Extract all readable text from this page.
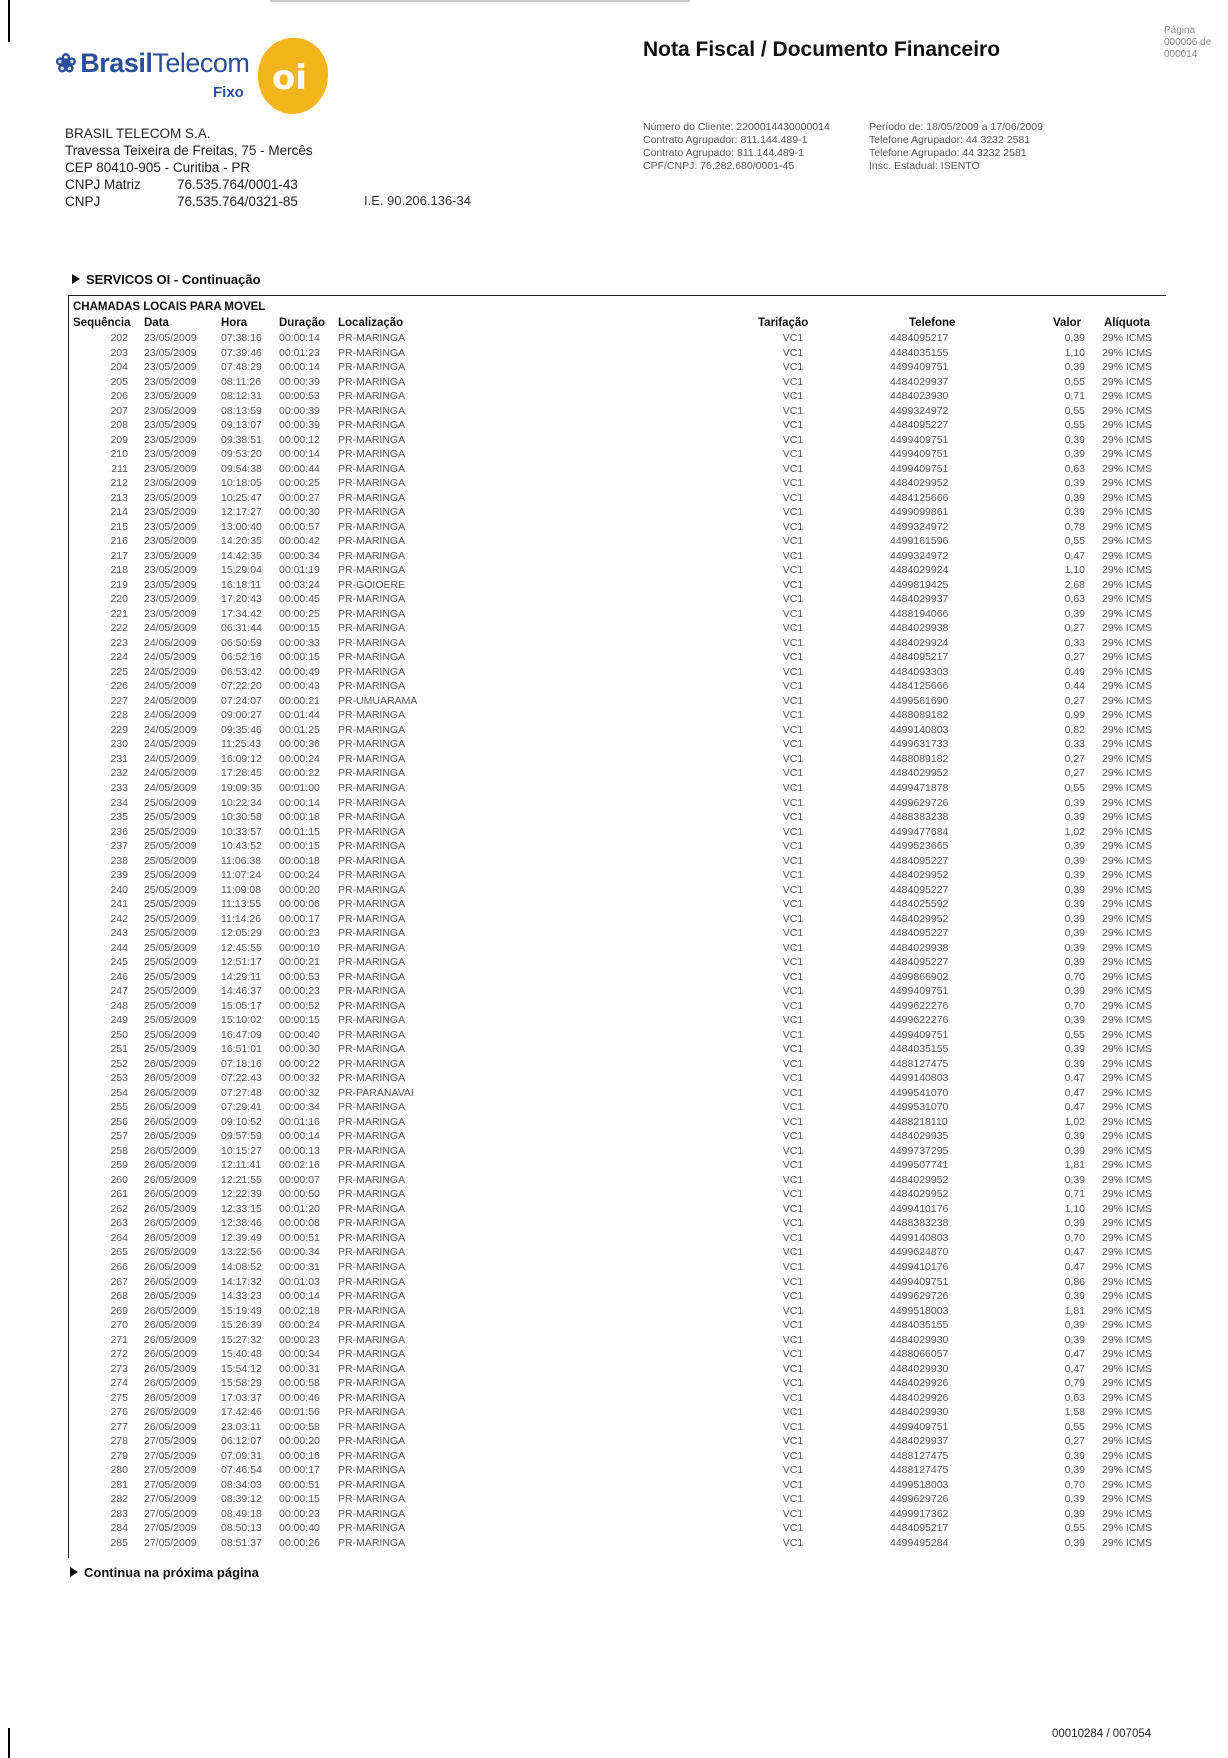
❀ BrasilTelecom
Fixo oi
BRASIL TELECOM S.A.
Travessa Teixeira de Freitas, 75 - Mercês
CEP 80410-905 - Curitiba - PR
CNPJ Matriz	76.535.764/0001-43
CNPJ	76.535.764/0321-85	I.E. 90.206.136-34
Nota Fiscal / Documento Financeiro
Página
000006 de
000014
Número do Cliente: 2200014430000014
Contrato Agrupador: 811.144.489-1
Contrato Agrupado: 811.144.489-1
CPF/CNPJ: 76.282.680/0001-45
Período de: 18/05/2009 a 17/06/2009
Telefone Agrupador: 44 3232 2581
Telefone Agrupado: 44 3232 2581
Insc. Estadual: ISENTO
SERVICOS OI - Continuação
CHAMADAS LOCAIS PARA MOVEL
Sequência Data	Hora	Duração Localização	Tarifação	Telefone	Valor Alíquota
202 23/05/2009 07:38:16 00:00:14 PR-MARINGA	VC1	4484095217	0,39 29% ICMS
203 23/05/2009 07:39:46 00:01:23 PR-MARINGA	VC1	4484035155	1,10 29% ICMS
204 23/05/2009 07:48:29 00:00:14 PR-MARINGA	VC1	4499409751	0,39 29% ICMS
205 23/05/2009 08:11:26 00:00:39 PR-MARINGA	VC1	4484029937	0,55 29% ICMS
206 23/05/2009 08:12:31 00:00:53 PR-MARINGA	VC1	4484023930	0,71 29% ICMS
207 23/05/2009 08:13:59 00:00:39 PR-MARINGA	VC1	4499324972	0,55 29% ICMS
208 23/05/2009 09:13:07 00:00:39 PR-MARINGA	VC1	4484095227	0,55 29% ICMS
209 23/05/2009 09:38:51 00:00:12 PR-MARINGA	VC1	4499409751	0,39 29% ICMS
210 23/05/2009 09:53:20 00:00:14 PR-MARINGA	VC1	4499409751	0,39 29% ICMS
211 23/05/2009 09:54:38 00:00:44 PR-MARINGA	VC1	4499409751	0,63 29% ICMS
212 23/05/2009 10:18:05 00:00:25 PR-MARINGA	VC1	4484029952	0,39 29% ICMS
213 23/05/2009 10:25:47 00:00:27 PR-MARINGA	VC1	4484125666	0,39 29% ICMS
214 23/05/2009 12:17:27 00:00:30 PR-MARINGA	VC1	4499099861	0,39 29% ICMS
215 23/05/2009 13:00:40 00:00:57 PR-MARINGA	VC1	4499324972	0,78 29% ICMS
216 23/05/2009 14:20:35 00:00:42 PR-MARINGA	VC1	4499161596	0,55 29% ICMS
217 23/05/2009 14:42:35 00:00:34 PR-MARINGA	VC1	4499324972	0,47 29% ICMS
218 23/05/2009 15:29:04 00:01:19 PR-MARINGA	VC1	4484029924	1,10 29% ICMS
219 23/05/2009 16:18:11 00:03:24 PR-GOIOERE	VC1	4499819425	2,68 29% ICMS
220 23/05/2009 17:20:43 00:00:45 PR-MARINGA	VC1	4484029937	0,63 29% ICMS
221 23/05/2009 17:34:42 00:00:25 PR-MARINGA	VC1	4488194066	0,39 29% ICMS
222 24/05/2009 06:31:44 00:00:15 PR-MARINGA	VC1	4484029938	0,27 29% ICMS
223 24/05/2009 06:50:59 00:00:33 PR-MARINGA	VC1	4484029924	0,33 29% ICMS
224 24/05/2009 06:52:16 00:00:15 PR-MARINGA	VC1	4484095217	0,27 29% ICMS
225 24/05/2009 06:53:42 00:00:49 PR-MARINGA	VC1	4484093303	0,49 29% ICMS
226 24/05/2009 07:22:20 00:00:43 PR-MARINGA	VC1	4484125666	0,44 29% ICMS
227 24/05/2009 07:24:07 00:00:21 PR-UMUARAMA	VC1	4499561690	0,27 29% ICMS
228 24/05/2009 09:00:27 00:01:44 PR-MARINGA	VC1	4488089182	0,99 29% ICMS
229 24/05/2009 09:35:46 00:01:25 PR-MARINGA	VC1	4499140803	0,82 29% ICMS
230 24/05/2009 11:25:43 00:00:36 PR-MARINGA	VC1	4499631733	0,33 29% ICMS
231 24/05/2009 16:09:12 00:00:24 PR-MARINGA	VC1	4488089182	0,27 29% ICMS
232 24/05/2009 17:28:45 00:00:22 PR-MARINGA	VC1	4484029952	0,27 29% ICMS
233 24/05/2009 19:09:35 00:01:00 PR-MARINGA	VC1	4499471878	0,55 29% ICMS
234 25/05/2009 10:22:34 00:00:14 PR-MARINGA	VC1	4499629726	0,39 29% ICMS
235 25/05/2009 10:30:58 00:00:18 PR-MARINGA	VC1	4488383238	0,39 29% ICMS
236 25/05/2009 10:33:57 00:01:15 PR-MARINGA	VC1	4499477684	1,02 29% ICMS
237 25/05/2009 10:43:52 00:00:15 PR-MARINGA	VC1	4499523665	0,39 29% ICMS
238 25/05/2009 11:06:38 00:00:18 PR-MARINGA	VC1	4484095227	0,39 29% ICMS
239 25/05/2009 11:07:24 00:00:24 PR-MARINGA	VC1	4484029952	0,39 29% ICMS
240 25/05/2009 11:09:08 00:00:20 PR-MARINGA	VC1	4484095227	0,39 29% ICMS
241 25/05/2009 11:13:55 00:00:06 PR-MARINGA	VC1	4484025592	0,39 29% ICMS
242 25/05/2009 11:14:26 00:00:17 PR-MARINGA	VC1	4484029952	0,39 29% ICMS
243 25/05/2009 12:05:29 00:00:23 PR-MARINGA	VC1	4484095227	0,39 29% ICMS
244 25/05/2009 12:45:55 00:00:10 PR-MARINGA	VC1	4484029938	0,39 29% ICMS
245 25/05/2009 12:51:17 00:00:21 PR-MARINGA	VC1	4484095227	0,39 29% ICMS
246 25/05/2009 14:29:11 00:00:53 PR-MARINGA	VC1	4499866902	0,70 29% ICMS
247 25/05/2009 14:46:37 00:00:23 PR-MARINGA	VC1	4499409751	0,39 29% ICMS
248 25/05/2009 15:05:17 00:00:52 PR-MARINGA	VC1	4499622276	0,70 29% ICMS
249 25/05/2009 15:10:02 00:00:15 PR-MARINGA	VC1	4499622276	0,39 29% ICMS
250 25/05/2009 16:47:09 00:00:40 PR-MARINGA	VC1	4499409751	0,55 29% ICMS
251 25/05/2009 16:51:01 00:00:30 PR-MARINGA	VC1	4484035155	0,39 29% ICMS
252 26/05/2009 07:18:16 00:00:22 PR-MARINGA	VC1	4488127475	0,39 29% ICMS
253 26/05/2009 07:22:43 00:00:32 PR-MARINGA	VC1	4499140803	0,47 29% ICMS
254 26/05/2009 07:27:48 00:00:32 PR-PARANAVAI	VC1	4499541070	0,47 29% ICMS
255 26/05/2009 07:29:41 00:00:34 PR-MARINGA	VC1	4499531070	0,47 29% ICMS
256 26/05/2009 09:10:52 00:01:16 PR-MARINGA	VC1	4488218110	1,02 29% ICMS
257 26/05/2009 09:57:59 00:00:14 PR-MARINGA	VC1	4484029935	0,39 29% ICMS
258 26/05/2009 10:15:27 00:00:13 PR-MARINGA	VC1	4499737295	0,39 29% ICMS
259 26/05/2009 12:11:41 00:02:16 PR-MARINGA	VC1	4499507741	1,81 29% ICMS
260 26/05/2009 12:21:55 00:00:07 PR-MARINGA	VC1	4484029952	0,39 29% ICMS
261 26/05/2009 12:22:39 00:00:50 PR-MARINGA	VC1	4484029952	0,71 29% ICMS
262 26/05/2009 12:33:15 00:01:20 PR-MARINGA	VC1	4499410176	1,10 29% ICMS
263 26/05/2009 12:38:46 00:00:08 PR-MARINGA	VC1	4488383238	0,39 29% ICMS
264 26/05/2009 12:39:49 00:00:51 PR-MARINGA	VC1	4499140803	0,70 29% ICMS
265 26/05/2009 13:22:56 00:00:34 PR-MARINGA	VC1	4499624870	0,47 29% ICMS
266 26/05/2009 14:08:52 00:00:31 PR-MARINGA	VC1	4499410176	0,47 29% ICMS
267 26/05/2009 14:17:32 00:01:03 PR-MARINGA	VC1	4499409751	0,86 29% ICMS
268 26/05/2009 14:33:23 00:00:14 PR-MARINGA	VC1	4499629726	0,39 29% ICMS
269 26/05/2009 15:19:49 00:02:18 PR-MARINGA	VC1	4499518003	1,81 29% ICMS
270 26/05/2009 15:26:39 00:00:24 PR-MARINGA	VC1	4484035155	0,39 29% ICMS
271 26/05/2009 15:27:32 00:00:23 PR-MARINGA	VC1	4484029930	0,39 29% ICMS
272 26/05/2009 15:40:48 00:00:34 PR-MARINGA	VC1	4488066057	0,47 29% ICMS
273 26/05/2009 15:54:12 00:00:31 PR-MARINGA	VC1	4484029930	0,47 29% ICMS
274 26/05/2009 15:58:29 00:00:58 PR-MARINGA	VC1	4484029926	0,79 29% ICMS
275 26/05/2009 17:03:37 00:00:46 PR-MARINGA	VC1	4484029926	0,63 29% ICMS
276 26/05/2009 17:42:46 00:01:56 PR-MARINGA	VC1	4484029930	1,58 29% ICMS
277 26/05/2009 23:03:11 00:00:58 PR-MARINGA	VC1	4499409751	0,55 29% ICMS
278 27/05/2009 06:12:07 00:00:20 PR-MARINGA	VC1	4484029937	0,27 29% ICMS
279 27/05/2009 07:09:31 00:00:16 PR-MARINGA	VC1	4488127475	0,39 29% ICMS
280 27/05/2009 07:46:54 00:00:17 PR-MARINGA	VC1	4488127475	0,39 29% ICMS
281 27/05/2009 08:34:03 00:00:51 PR-MARINGA	VC1	4499518003	0,70 29% ICMS
282 27/05/2009 08:39:12 00:00:15 PR-MARINGA	VC1	4499629726	0,39 29% ICMS
283 27/05/2009 08:49:18 00:00:23 PR-MARINGA	VC1	4499917362	0,39 29% ICMS
284 27/05/2009 08:50:13 00:00:40 PR-MARINGA	VC1	4484095217	0,55 29% ICMS
285 27/05/2009 08:51:37 00:00:26 PR-MARINGA	VC1	4499495284	0,39 29% ICMS
Continua na próxima página
00010284 / 007054
